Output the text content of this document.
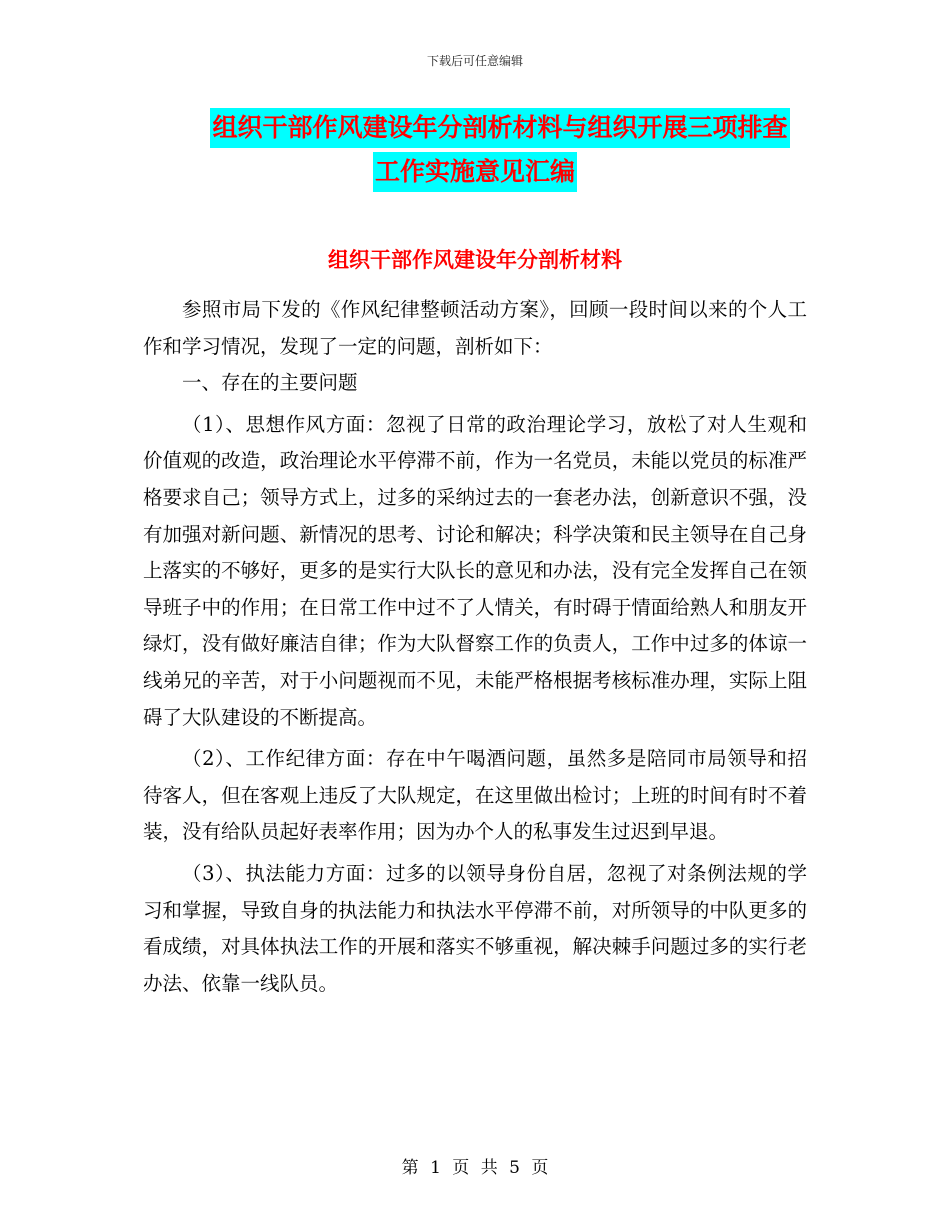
下载后可任意编辑
组织干部作风建设年分剖析材料与组织开展三项排查
工作实施意见汇编
组织干部作风建设年分剖析材料

参照市局下发的《作风纪律整顿活动方案》，回顾一段时间以来的个人工作和学习情况，发现了一定的问题，剖析如下：

一、存在的主要问题

（1）、思想作风方面：忽视了日常的政治理论学习，放松了对人生观和价值观的改造，政治理论水平停滞不前，作为一名党员，未能以党员的标准严格要求自己；领导方式上，过多的采纳过去的一套老办法，创新意识不强，没有加强对新问题、新情况的思考、讨论和解决；科学决策和民主领导在自己身上落实的不够好，更多的是实行大队长的意见和办法，没有完全发挥自己在领导班子中的作用；在日常工作中过不了人情关，有时碍于情面给熟人和朋友开绿灯，没有做好廉洁自律；作为大队督察工作的负责人，工作中过多的体谅一线弟兄的辛苦，对于小问题视而不见，未能严格根据考核标准办理，实际上阻碍了大队建设的不断提高。

（2）、工作纪律方面：存在中午喝酒问题，虽然多是陪同市局领导和招待客人，但在客观上违反了大队规定，在这里做出检讨；上班的时间有时不着装，没有给队员起好表率作用；因为办个人的私事发生过迟到早退。

（3）、执法能力方面：过多的以领导身份自居，忽视了对条例法规的学习和掌握，导致自身的执法能力和执法水平停滞不前，对所领导的中队更多的看成绩，对具体执法工作的开展和落实不够重视，解决棘手问题过多的实行老办法、依靠一线队员。

第 1 页 共 5 页
